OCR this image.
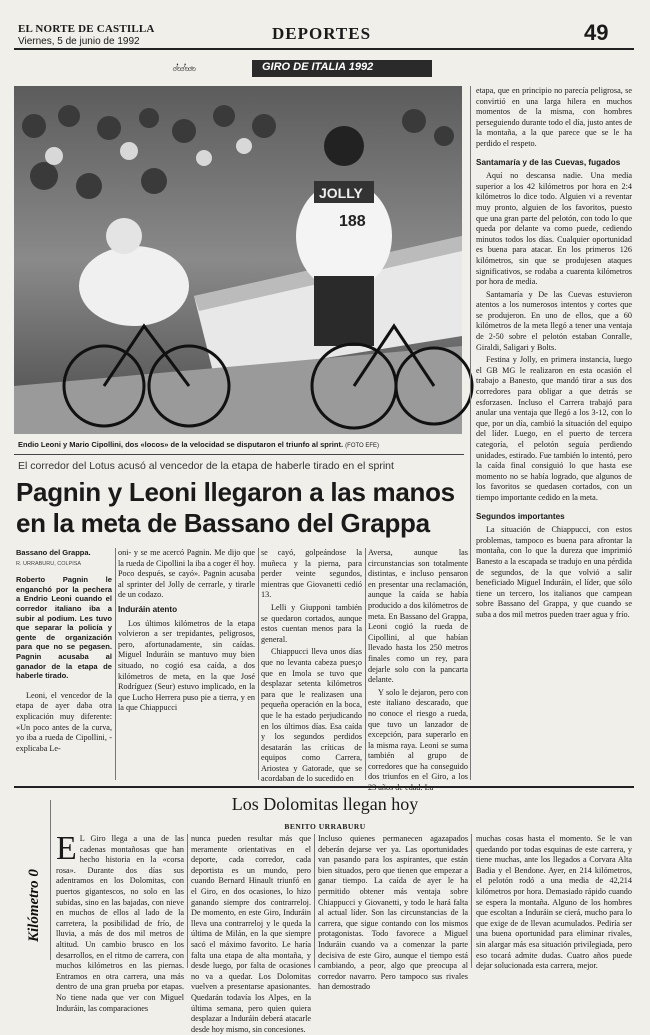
EL NORTE DE CASTILLA
Viernes, 5 de junio de 1992	DEPORTES	49
GIRO DE ITALIA 1992
JOLLY
188
Endio Leoni y Mario Cipollini, dos «locos» de la velocidad se disputaron el triunfo al sprint. (FOTO EFE)
El corredor del Lotus acusó al vencedor de la etapa de haberle tirado en el sprint
Pagnin y Leoni llegaron a las manos
en la meta de Bassano del Grappa
Bassano del Grappa.
R. URRABURU, COLPISA
Roberto Pagnin le enganchó por la pechera a Endrio Leoni cuando el corredor italiano iba a subir al podium. Les tuvo que separar la policía y gente de organización para que no se pegasen. Pagnin acusaba al ganador de la etapa de haberle tirado.

Leoni, el vencedor de la etapa de ayer daba otra explicación muy diferente: «Un poco antes de la curva, yo iba a rueda de Cipollini, -explicaba Le-

oni- y se me acercó Pagnin. Me dijo que la rueda de Cipollini la iba a coger él hoy. Poco después, se cayó». Pagnin acusaba al sprinter del Jolly de cerrarle, y tirarle de un codazo.

Induráin atento

Los últimos kilómetros de la etapa volvieron a ser trepidantes, peligrosos, pero, afortunadamente, sin caídas. Miguel Induráin se mantuvo muy bien situado, no cogió esa caída, a dos kilómetros de meta, en la que José Rodríguez (Seur) estuvo implicado, en la que Lucho Herrera puso pie a tierra, y en la que Chiappucci

se cayó, golpeándose la muñeca y la pierna, para perder veinte segundos, mientras que Giovanetti cedió 13.

Lelli y Giupponi también se quedaron cortados, aunque estos cuentan menos para la general.

Chiappucci lleva unos días que no levanta cabeza pues¡o que en Imola se tuvo que desplazar setenta kilómetros para que le realizasen una pequeña operación en la boca, que le ha estado perjudicando en los últimos días. Esa caída y los segundos perdidos desatarán las críticas de equipos como Carrera, Ariostea y Gatorade, que se acordaban de lo sucedido en

Aversa, aunque las circunstancias son totalmente distintas, e incluso pensaron en presentar una reclamación, aunque la caída se había producido a dos kilómetros de meta. En Bassano del Grappa, Leoni cogió la rueda de Cipollini, al que habían llevado hasta los 250 metros finales como un rey, para dejarle solo con la pancarta delante.

Y solo le dejaron, pero con este italiano descarado, que no conoce el riesgo a rueda, que tuvo un lanzador de excepción, para superarlo en la misma raya. Leoni se suma también al grupo de corredores que ha conseguido dos triunfos en el Giro, a los

etapa, que en principio no parecía peligrosa, se convirtió en una larga hilera en muchos momentos de la misma, con hombres perseguiendo durante todo el día, justo antes de la montaña, a la que parece que se le ha perdido el respeto.

Santamaría y de las Cuevas, fugados

Aquí no descansa nadie. Una media superior a los 42 kilómetros por hora en 2:4 kilómetros lo dice todo. Alguien vi a reventar muy pronto, alguien de los favoritos, puesto que una gran parte del pelotón, con todo lo que queda por delante va como puede, cediendo minutos todos los días. Cualquier oportunidad es buena para atacar. En los primeros 126 kilómetros, sin que se produjesen ataques significativos, se rodaba a cuarenta kilómetros por hora de media.

Santamaría y De las Cuevas estuvieron atentos a los numerosos intentos y cortes que se produjeron. En uno de ellos, que a 60 kilómetros de la meta llegó a tener una ventaja de 2-50 sobre el pelotón estaban Conralle, Giraldi, Saligari y Bolts.

Festina y Jolly, en primera instancia, luego el GB MG le realizaron en esta ocasión el trabajo a Banesto, que mandó tirar a sus dos corredores para obligar a que detrás se esforzasen. Incluso el Carrera trabajó para anular una ventaja que llegó a los 3-12, con lo que, por un día, cambió la situación del equipo del líder. Luego, en el puerto de tercera categoría, el pelotón seguía perdiendo unidades, estirado. Fue también lo intentó, pero la caída final consiguió lo que hasta ese momento no se había logrado, que algunos de los favoritos se quedasen cortados, con un tiempo importante cedido en la meta.

Segundos importantes

La situación de Chiappucci, con estos problemas, tampoco es buena para afrontar la montaña, con lo que la dureza que imprimió Banesto a la escapada se tradujo en una pérdida de segundos, de la que volvió a salir beneficiado Miguel Induráin, el líder, que sólo tiene un tercero, los italianos que campean sobre Bassano del Grappa, y que cuando se suba a dos mil metros pueden traer agua y frío.

Los Dolomitas llegan hoy
BENITO URRABURU
Kilómetro 0
E L Giro llega a una de las cadenas montañosas que han hecho historia en la «corsa rosa». Durante dos días sus adentramos en los Dolomitas, con puertos gigantescos, no solo en las subidas, sino en las bajadas, con nieve en muchos de ellos al lado de la carretera, la posibilidad de frío, de lluvia, a más de dos mil metros de altitud. Un cambio brusco en los desarrollos, en el ritmo de carrera, con muchos kilómetros en las piernas. Entramos en otra carrera, una más dentro de una gran prueba por etapas. No tiene nada que ver con Miguel Induráin, las comparaciones

nunca pueden resultar más que meramente orientativas en el deporte, cada corredor, cada deportista es un mundo, pero cuando Bernard Hinault triunfó en el Giro, en dos ocasiones, lo hizo ganando siempre dos contrarreloj. De momento, en este Giro, Induráin lleva una contrarreloj y le queda la última de Milán, en la que siempre sacó el máximo favorito. Le haría falta una etapa de alta montaña, y desde luego, por falta de ocasiones no va a quedar. Los Dolomitas vuelven a presentarse apasionantes. Quedarán todavía los Alpes, en la última semana, pero quien quiera desplazar a Induráin deberá atacarle desde hoy mismo, sin concesiones.

Incluso quienes permanecen agazapados deberán dejarse ver ya. Las oportunidades van pasando para los aspirantes, que están bien situados, pero que tienen que empezar a ganar tiempo. La caída de ayer le ha permitido obtener más ventaja sobre Chiappucci y Giovanetti, y todo le hará falta al actual líder. Son las circunstancias de la carrera, que sigue contando con los mismos protagonistas. Todo favorece a Miguel Induráin cuando va a comenzar la parte decisiva de este Giro, aunque el tiempo está cambiando, a peor, algo que preocupa al corredor navarro. Pero tampoco sus rivales han demostrado

muchas cosas hasta el momento. Se le van quedando por todas esquinas de este carrera, y tiene muchas, ante los llegados a Corvara Alta Badia y el Bendone. Ayer, en 214 kilómetros, el pelotón rodó a una media de 42,214 kilómetros por hora. Demasiado rápido cuando se espera la montaña. Alguno de los hombres que escoltan a Induráin se cierá, mucho para lo que exige de de llevan acumulados. Pediría ser una buena oportunidad para eliminar rivales, sin alargar más esa situación privilegiada, pero eso tocará admite dudas. Cuatro años puede dejar solucionada esta carrera, mejor.
